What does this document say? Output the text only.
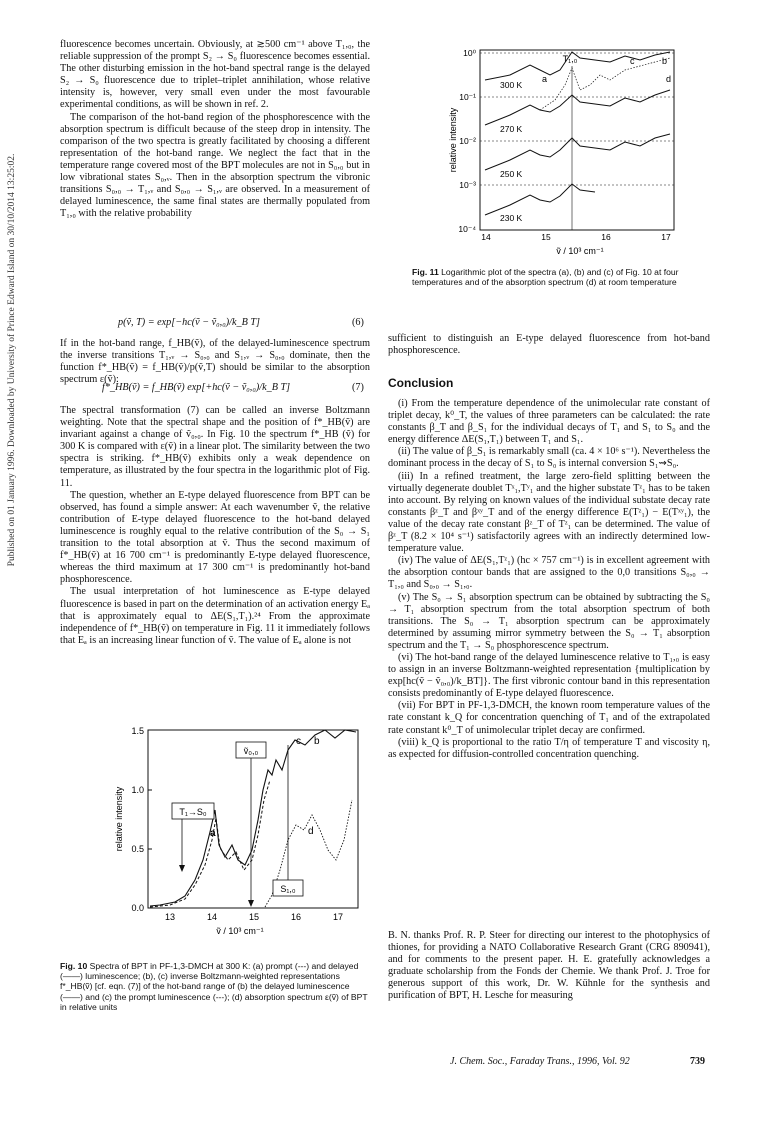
Published on 01 January 1996. Downloaded by University of Prince Edward Island on 30/10/2014 13:25:02.

fluorescence becomes uncertain. Obviously, at ≳500 cm⁻¹ above T₁,₀, the reliable suppression of the prompt S₂ → S₀ fluorescence becomes essential. The other disturbing emission in the hot-band spectral range is the delayed S₂ → S₀ fluorescence due to triplet–triplet annihilation, whose relative intensity is, however, very small even under the most favourable experimental conditions, as will be shown in ref. 2.

The comparison of the hot-band region of the phosphorescence with the absorption spectrum is difficult because of the steep drop in intensity. The comparison of the two spectra is greatly facilitated by choosing a different representation of the hot-band range. We neglect the fact that in the temperature range covered most of the BPT molecules are not in S₀,₀ but in low vibrational states S₀,ᵥ. Then in the absorption spectrum the vibronic transitions S₀,₀ → T₁,ᵥ and S₀,₀ → S₁,ᵥ are observed. In a measurement of delayed luminescence, the same final states are thermally populated from T₁,₀ with the relative probability

p(ṽ, T) = exp[−hc(ṽ − ṽ₀,₀)/k_B T]	(6)

If in the hot-band range, f_HB(ṽ), of the delayed-luminescence spectrum the inverse transitions T₁,ᵥ → S₀,₀ and S₁,ᵥ → S₀,₀ dominate, then the function f*_HB(ṽ) = f_HB(ṽ)/p(ṽ,T) should be similar to the absorption spectrum ε(ṽ):

f*_HB(ṽ) = f_HB(ṽ) exp[+hc(ṽ − ṽ₀,₀)/k_B T]	(7)

The spectral transformation (7) can be called an inverse Boltzmann weighting. Note that the spectral shape and the position of f*_HB(ṽ) are invariant against a change of ṽ₀,₀. In Fig. 10 the spectrum f*_HB (ṽ) for 300 K is compared with ε(ṽ) in a linear plot. The similarity between the two spectra is striking. f*_HB(ṽ) exhibits only a weak dependence on temperature, as illustrated by the four spectra in the logarithmic plot of Fig. 11.

The question, whether an E-type delayed fluorescence from BPT can be observed, has found a simple answer: At each wavenumber ṽ, the relative contribution of E-type delayed fluorescence to the hot-band delayed luminescence is roughly equal to the relative contribution of the S₀ → S₁ transition to the total absorption at ṽ. Thus the second maximum of f*_HB(ṽ) at 16 700 cm⁻¹ is predominantly E-type delayed fluorescence, whereas the third maximum at 17 300 cm⁻¹ is predominantly hot-band phosphorescence.

The usual interpretation of hot luminescence as E-type delayed fluorescence is based in part on the determination of an activation energy Eₐ that is approximately equal to ΔE(S₁,T₁).²⁴ From the approximate independence of f*_HB(ṽ) on temperature in Fig. 11 it immediately follows that Eₐ is an increasing linear function of ṽ. The value of Eₐ alone is not

0.0
0.5
1.0
1.5
13	14	15	16	17
ṽ / 10³ cm⁻¹
relative intensity	T₁→S₀
ṽ₀,₀
S₁,₀
a
c b
d
Fig. 10 Spectra of BPT in PF-1,3-DMCH at 300 K: (a) prompt (---) and delayed (——) luminescence; (b), (c) inverse Boltzmann-weighted representations f*_HB(ṽ) [cf. eqn. (7)] of the hot-band range of (b) the delayed luminescence (——) and (c) the prompt luminescence (---); (d) absorption spectrum ε(ṽ) of BPT in relative units
10⁰
10⁻¹
10⁻²
10⁻³
10⁻⁴
14	15	16	17
ṽ / 10³ cm⁻¹
relative intensity
T₁,₀
300 K
270 K
250 K
230 K
a
c	b
d
Fig. 11 Logarithmic plot of the spectra (a), (b) and (c) of Fig. 10 at four temperatures and of the absorption spectrum (d) at room temperature

sufficient to distinguish an E-type delayed fluorescence from hot-band phosphorescence.

Conclusion

(i) From the temperature dependence of the unimolecular rate constant of triplet decay, k⁰_T, the values of three parameters can be calculated: the rate constants β_T and β_S₁ for the individual decays of T₁ and S₁ to S₀ and the energy difference ΔE(S₁,T₁) between T₁ and S₁.

(ii) The value of β_S₁ is remarkably small (ca. 4 × 10⁶ s⁻¹). Nevertheless the dominant process in the decay of S₁ to S₀ is internal conversion S₁⇝S₀.

(iii) In a refined treatment, the large zero-field splitting between the virtually degenerate doublet Tˣ₁,Tʸ₁ and the higher substate Tᶻ₁ has to be taken into account. By relying on known values of the individual substate decay rate constants βᶻ_T and βˣʸ_T and of the energy difference E(Tᶻ₁) − E(Tˣʸ₁), the value of the decay rate constant βᶻ_T of Tᶻ₁ can be determined. The value of βᶻ_T (8.2 × 10⁴ s⁻¹) satisfactorily agrees with an indirectly determined low-temperature value.

(iv) The value of ΔE(S₁,Tᶻ₁) (hc × 757 cm⁻¹) is in excellent agreement with the absorption contour bands that are assigned to the 0,0 transitions S₀,₀ → T₁,₀ and S₀,₀ → S₁,₀.

(v) The S₀ → S₁ absorption spectrum can be obtained by subtracting the S₀ → T₁ absorption spectrum from the total absorption spectrum of both transitions. The S₀ → T₁ absorption spectrum can be approximately determined by assuming mirror symmetry between the S₀ → T₁ absorption spectrum and the T₁ → S₀ phosphorescence spectrum.

(vi) The hot-band range of the delayed luminescence relative to T₁,₀ is easy to assign in an inverse Boltzmann-weighted representation {multiplication by exp[hc(ṽ − ṽ₀,₀)/k_BT]}. The first vibronic contour band in this representation consists predominantly of E-type delayed fluorescence.

(vii) For BPT in PF-1,3-DMCH, the known room temperature values of the rate constant k_Q for concentration quenching of T₁ and of the extrapolated rate constant k⁰_T of unimolecular triplet decay are confirmed.

(viii) k_Q is proportional to the ratio T/η of temperature T and viscosity η, as expected for diffusion-controlled concentration quenching.

B. N. thanks Prof. R. P. Steer for directing our interest to the photophysics of thiones, for providing a NATO Collaborative Research Grant (CRG 890941), and for comments to the present paper. H. E. gratefully acknowledges a graduate scholarship from the Fonds der Chemie. We thank Prof. J. Troe for generous support of this work, Dr. W. Kühnle for the synthesis and purification of BPT, H. Lesche for measuring

J. Chem. Soc., Faraday Trans., 1996, Vol. 92	739
